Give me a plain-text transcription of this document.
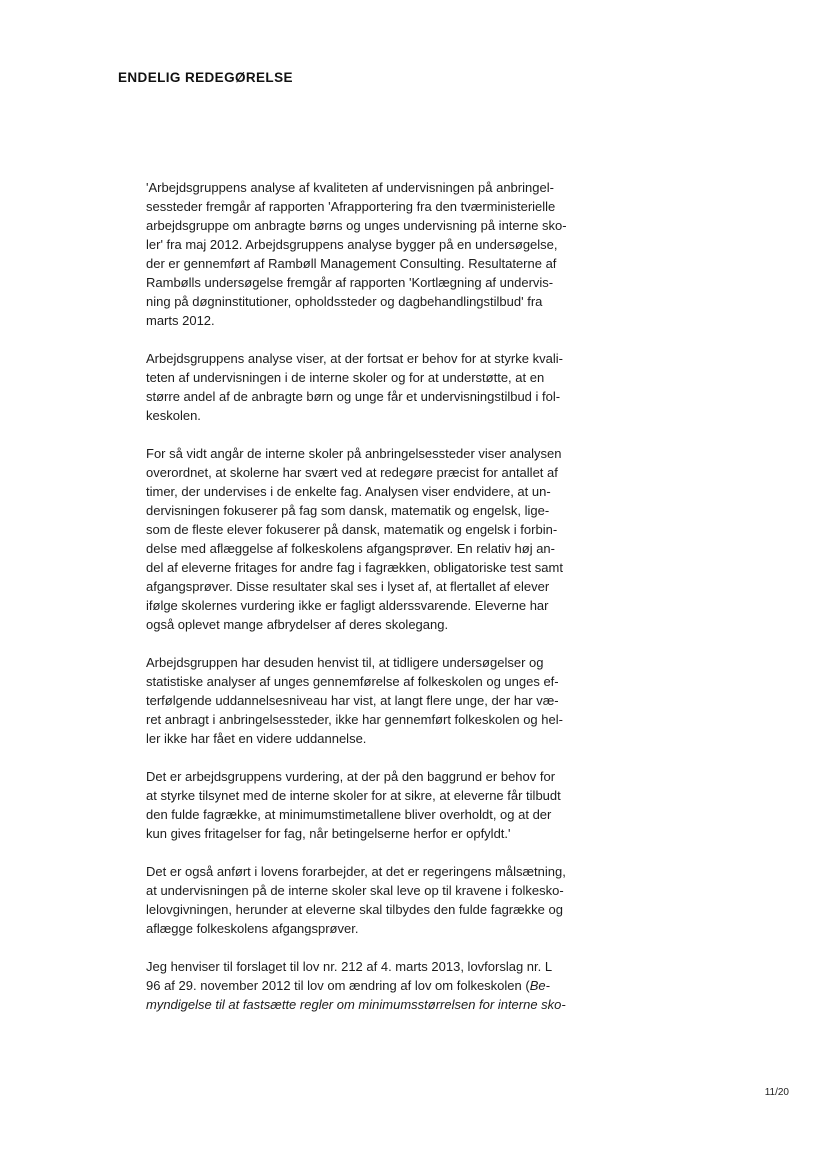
ENDELIG REDEGØRELSE

'Arbejdsgruppens analyse af kvaliteten af undervisningen på anbringel-
sessteder fremgår af rapporten 'Afrapportering fra den tværministerielle
arbejdsgruppe om anbragte børns og unges undervisning på interne sko-
ler' fra maj 2012. Arbejdsgruppens analyse bygger på en undersøgelse,
der er gennemført af Rambøll Management Consulting. Resultaterne af
Rambølls undersøgelse fremgår af rapporten 'Kortlægning af undervis-
ning på døgninstitutioner, opholdssteder og dagbehandlingstilbud' fra
marts 2012.

Arbejdsgruppens analyse viser, at der fortsat er behov for at styrke kvali-
teten af undervisningen i de interne skoler og for at understøtte, at en
større andel af de anbragte børn og unge får et undervisningstilbud i fol-
keskolen.

For så vidt angår de interne skoler på anbringelsessteder viser analysen
overordnet, at skolerne har svært ved at redegøre præcist for antallet af
timer, der undervises i de enkelte fag. Analysen viser endvidere, at un-
dervisningen fokuserer på fag som dansk, matematik og engelsk, lige-
som de fleste elever fokuserer på dansk, matematik og engelsk i forbin-
delse med aflæggelse af folkeskolens afgangsprøver. En relativ høj an-
del af eleverne fritages for andre fag i fagrækken, obligatoriske test samt
afgangsprøver. Disse resultater skal ses i lyset af, at flertallet af elever
ifølge skolernes vurdering ikke er fagligt alderssvarende. Eleverne har
også oplevet mange afbrydelser af deres skolegang.

Arbejdsgruppen har desuden henvist til, at tidligere undersøgelser og
statistiske analyser af unges gennemførelse af folkeskolen og unges ef-
terfølgende uddannelsesniveau har vist, at langt flere unge, der har væ-
ret anbragt i anbringelsessteder, ikke har gennemført folkeskolen og hel-
ler ikke har fået en videre uddannelse.

Det er arbejdsgruppens vurdering, at der på den baggrund er behov for
at styrke tilsynet med de interne skoler for at sikre, at eleverne får tilbudt
den fulde fagrække, at minimumstimetallene bliver overholdt, og at der
kun gives fritagelser for fag, når betingelserne herfor er opfyldt.'

Det er også anført i lovens forarbejder, at det er regeringens målsætning,
at undervisningen på de interne skoler skal leve op til kravene i folkesko-
lelovgivningen, herunder at eleverne skal tilbydes den fulde fagrække og
aflægge folkeskolens afgangsprøver.

Jeg henviser til forslaget til lov nr. 212 af 4. marts 2013, lovforslag nr. L
96 af 29. november 2012 til lov om ændring af lov om folkeskolen (Be-
myndigelse til at fastsætte regler om minimumsstørrelsen for interne sko-

11/20
